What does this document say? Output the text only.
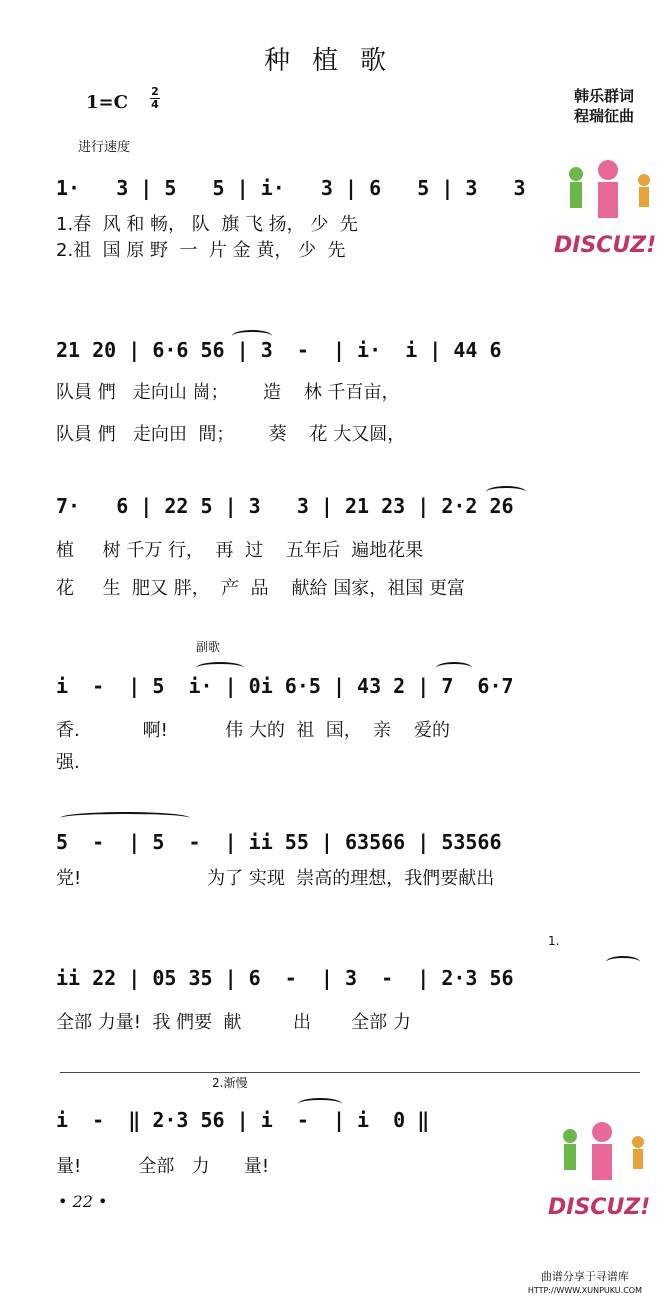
种植歌
韩乐群词
程瑞征曲
1=C
2
4
进行速度
1·   3 | 5   5 | i·   3 | 6   5 | 3   3
1.春  风 和 畅， 队  旗 飞 扬， 少  先
2.祖  国 原 野  一  片 金 黄， 少  先
21 20 | 6·6 56 | 3  -  | i·  i | 44 6
队員 們   走向山 崗；      造    林 千百亩，
队員 們   走向田  間；      葵    花 大又圆，
7·   6 | 22 5 | 3   3 | 21 23 | 2·2 26
植     树 千万 行，  再  过    五年后  遍地花果
花     生  肥又 胖，  产  品    献給 国家，祖国 更富
副歌
i  -  | 5  i· | 0i 6·5 | 43 2 | 7  6·7
香.           啊!          伟 大的  祖  国，  亲    爱的
强.
5  -  | 5  -  | ii 55 | 63566 | 53566
党!                      为了 实现  崇高的理想，我們要献出
1.
ii 22 | 05 35 | 6  -  | 3  -  | 2·3 56
全部 力量!  我 們要  献         出       全部 力
2.渐慢
i  -  ‖ 2·3 56 | i  -  | i  0 ‖
量!          全部   力      量!
• 22 •
DISCUZ!
DISCUZ!
曲谱分享于寻谱库
HTTP://WWW.XUNPUKU.COM
